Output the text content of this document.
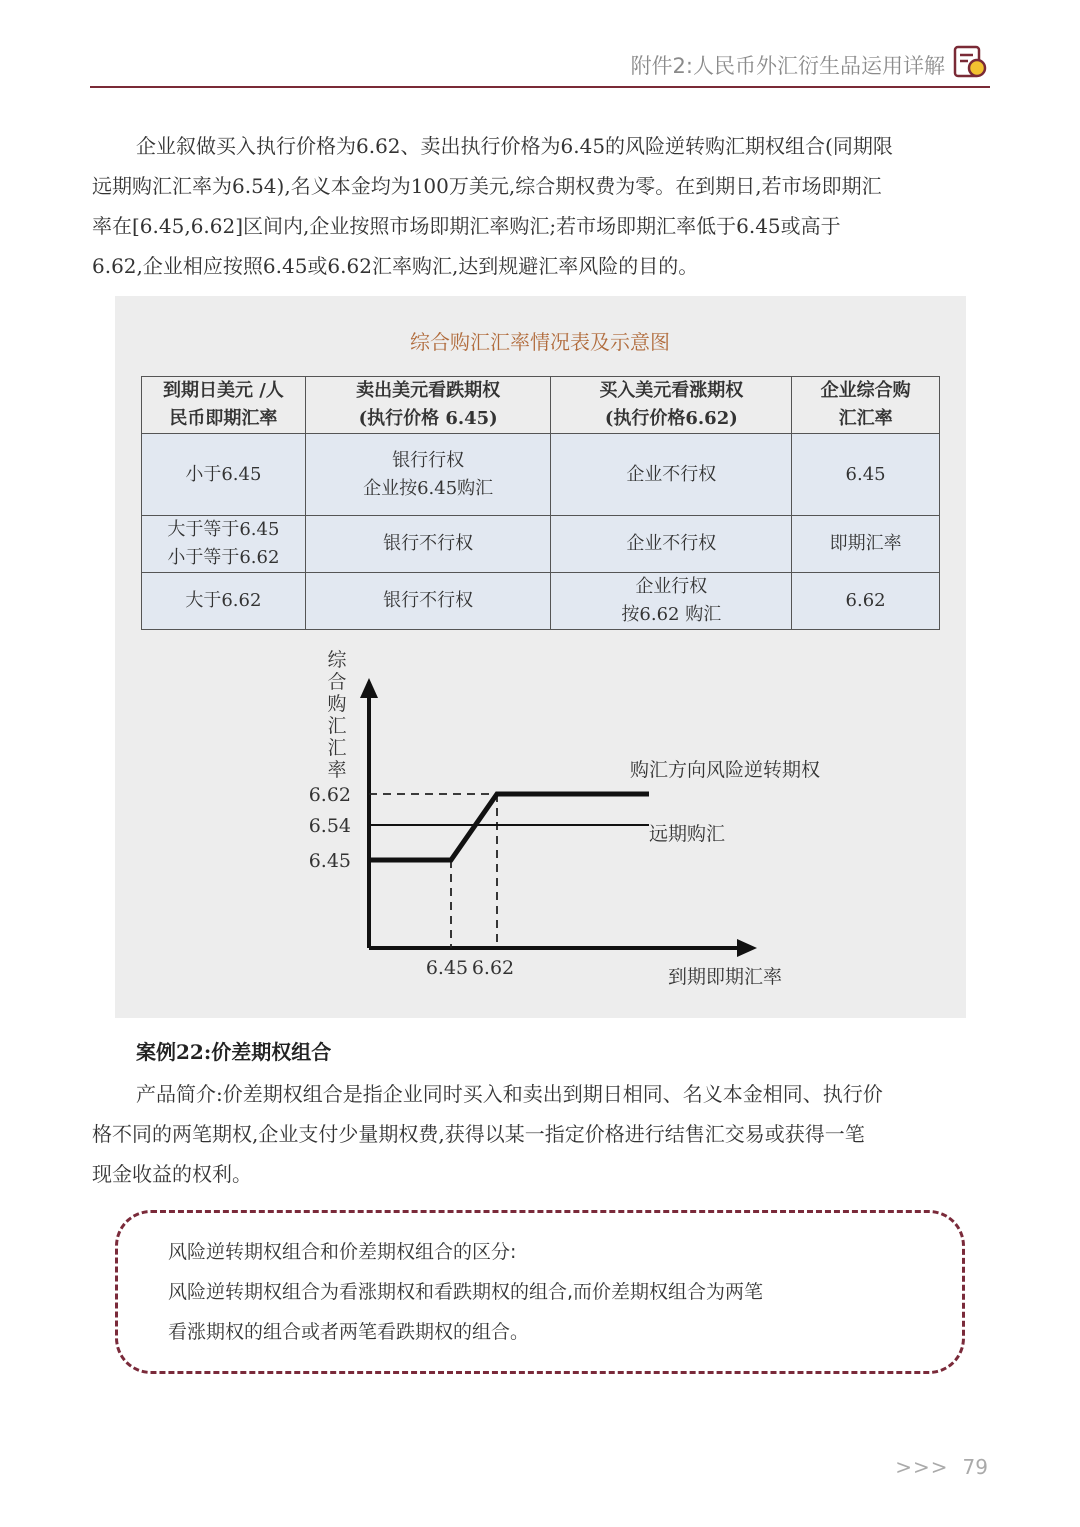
附件2:人民币外汇衍生品运用详解

企业叙做买入执行价格为6.62、卖出执行价格为6.45的风险逆转购汇期权组合(同期限
远期购汇汇率为6.54),名义本金均为100万美元,综合期权费为零。在到期日,若市场即期汇
率在[6.45,6.62]区间内,企业按照市场即期汇率购汇;若市场即期汇率低于6.45或高于
6.62,企业相应按照6.45或6.62汇率购汇,达到规避汇率风险的目的。

综合购汇汇率情况表及示意图
到期日美元 /人
民币即期汇率	卖出美元看跌期权
(执行价格 6.45)	买入美元看涨期权
(执行价格6.62)	企业综合购
汇汇率
小于6.45	银行行权
企业按6.45购汇	企业不行权	6.45
大于等于6.45
小于等于6.62	银行不行权	企业不行权	即期汇率
大于6.62	银行不行权	企业行权
按6.62 购汇	6.62
综
合
购
汇
汇
率
6.62
6.54
6.45
6.45 6.62
购汇方向风险逆转期权
远期购汇
到期即期汇率
案例22:价差期权组合

产品简介:价差期权组合是指企业同时买入和卖出到期日相同、名义本金相同、执行价
格不同的两笔期权,企业支付少量期权费,获得以某一指定价格进行结售汇交易或获得一笔
现金收益的权利。

风险逆转期权组合和价差期权组合的区分:
风险逆转期权组合为看涨期权和看跌期权的组合,而价差期权组合为两笔
看涨期权的组合或者两笔看跌期权的组合。

>>> 79
